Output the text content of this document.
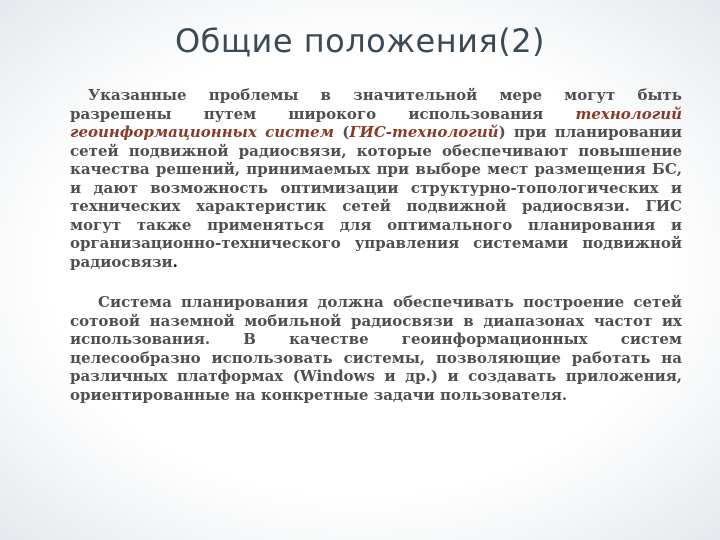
Общие положения(2)

Указанные проблемы в значительной мере могут быть разрешены путем широкого использования технологий геоинформационных систем (ГИС-технологий) при планировании сетей подвижной радиосвязи, которые обеспечивают повышение качества решений, принимаемых при выборе мест размещения БС, и дают возможность оптимизации структурно-топологических и технических характеристик сетей подвижной радиосвязи. ГИС могут также применяться для оптимального планирования и организационно-технического управления системами подвижной радиосвязи.

Система планирования должна обеспечивать построение сетей сотовой наземной мобильной радиосвязи в диапазонах частот их использования. В качестве геоинформационных систем целесообразно использовать системы, позволяющие работать на различных платформах (Windows и др.) и создавать приложения, ориентированные на конкретные задачи пользователя.
